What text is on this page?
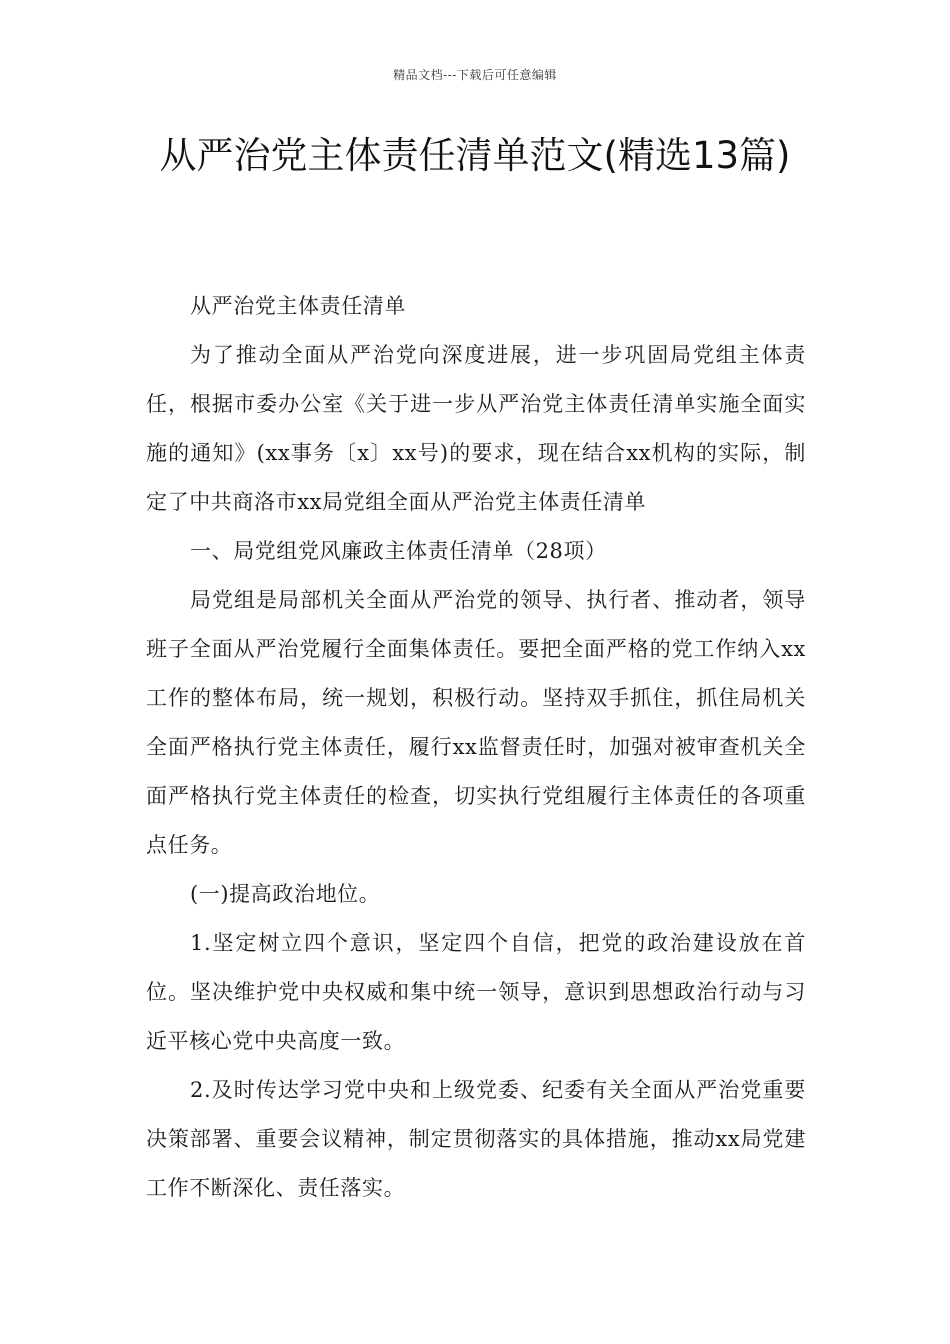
精品文档---下载后可任意编辑
从严治党主体责任清单范文(精选13篇)

从严治党主体责任清单

为了推动全面从严治党向深度进展，进一步巩固局党组主体责任，根据市委办公室《关于进一步从严治党主体责任清单实施全面实施的通知》(xx事务〔x〕xx号)的要求，现在结合xx机构的实际，制定了中共商洛市xx局党组全面从严治党主体责任清单

一、局党组党风廉政主体责任清单（28项）

局党组是局部机关全面从严治党的领导、执行者、推动者，领导班子全面从严治党履行全面集体责任。要把全面严格的党工作纳入xx工作的整体布局，统一规划，积极行动。坚持双手抓住，抓住局机关全面严格执行党主体责任，履行xx监督责任时，加强对被审查机关全面严格执行党主体责任的检查，切实执行党组履行主体责任的各项重点任务。

(一)提高政治地位。

1.坚定树立四个意识，坚定四个自信，把党的政治建设放在首位。坚决维护党中央权威和集中统一领导，意识到思想政治行动与习近平核心党中央高度一致。

2.及时传达学习党中央和上级党委、纪委有关全面从严治党重要决策部署、重要会议精神，制定贯彻落实的具体措施，推动xx局党建工作不断深化、责任落实。
